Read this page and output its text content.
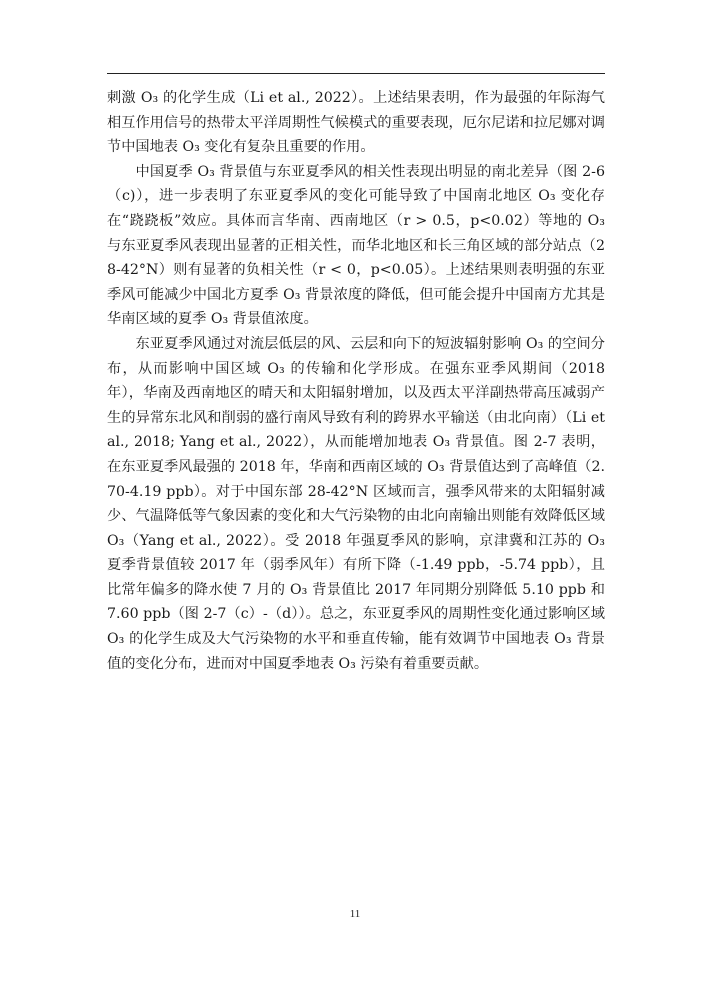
刺激 O₃ 的化学生成（Li et al., 2022）。上述结果表明，作为最强的年际海气相互作用信号的热带太平洋周期性气候模式的重要表现，厄尔尼诺和拉尼娜对调节中国地表 O₃ 变化有复杂且重要的作用。

中国夏季 O₃ 背景值与东亚夏季风的相关性表现出明显的南北差异（图 2-6（c)），进一步表明了东亚夏季风的变化可能导致了中国南北地区 O₃ 变化存在“跷跷板”效应。具体而言华南、西南地区（r > 0.5，p<0.02）等地的 O₃ 与东亚夏季风表现出显著的正相关性，而华北地区和长三角区域的部分站点（28-42°N）则有显著的负相关性（r < 0，p<0.05）。上述结果则表明强的东亚季风可能减少中国北方夏季 O₃ 背景浓度的降低，但可能会提升中国南方尤其是华南区域的夏季 O₃ 背景值浓度。

东亚夏季风通过对流层低层的风、云层和向下的短波辐射影响 O₃ 的空间分布，从而影响中国区域 O₃ 的传输和化学形成。在强东亚季风期间（2018 年），华南及西南地区的晴天和太阳辐射增加，以及西太平洋副热带高压减弱产生的异常东北风和削弱的盛行南风导致有利的跨界水平输送（由北向南）（Li et al., 2018; Yang et al., 2022），从而能增加地表 O₃ 背景值。图 2-7 表明，在东亚夏季风最强的 2018 年，华南和西南区域的 O₃ 背景值达到了高峰值（2.70-4.19 ppb）。对于中国东部 28-42°N 区域而言，强季风带来的太阳辐射减少、气温降低等气象因素的变化和大气污染物的由北向南输出则能有效降低区域 O₃（Yang et al., 2022）。受 2018 年强夏季风的影响，京津冀和江苏的 O₃ 夏季背景值较 2017 年（弱季风年）有所下降（-1.49 ppb，-5.74 ppb），且比常年偏多的降水使 7 月的 O₃ 背景值比 2017 年同期分别降低 5.10 ppb 和 7.60 ppb（图 2-7（c）-（d））。总之，东亚夏季风的周期性变化通过影响区域 O₃ 的化学生成及大气污染物的水平和垂直传输，能有效调节中国地表 O₃ 背景值的变化分布，进而对中国夏季地表 O₃ 污染有着重要贡献。

11
